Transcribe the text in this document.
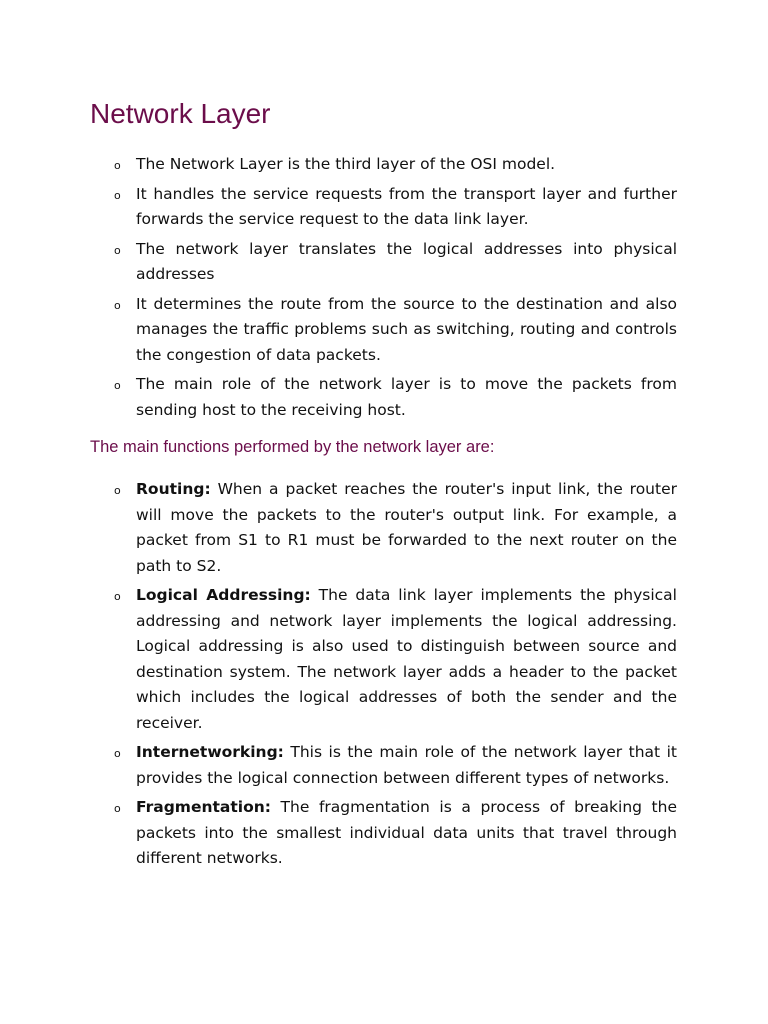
Network Layer
o The Network Layer is the third layer of the OSI model.
o It handles the service requests from the transport layer and further forwards the service request to the data link layer.
o The network layer translates the logical addresses into physical addresses
o It determines the route from the source to the destination and also manages the traffic problems such as switching, routing and controls the congestion of data packets.
o The main role of the network layer is to move the packets from sending host to the receiving host.
The main functions performed by the network layer are:
o Routing: When a packet reaches the router's input link, the router will move the packets to the router's output link. For example, a packet from S1 to R1 must be forwarded to the next router on the path to S2.
o Logical Addressing: The data link layer implements the physical addressing and network layer implements the logical addressing. Logical addressing is also used to distinguish between source and destination system. The network layer adds a header to the packet which includes the logical addresses of both the sender and the receiver.
o Internetworking: This is the main role of the network layer that it provides the logical connection between different types of networks.
o Fragmentation: The fragmentation is a process of breaking the packets into the smallest individual data units that travel through different networks.
